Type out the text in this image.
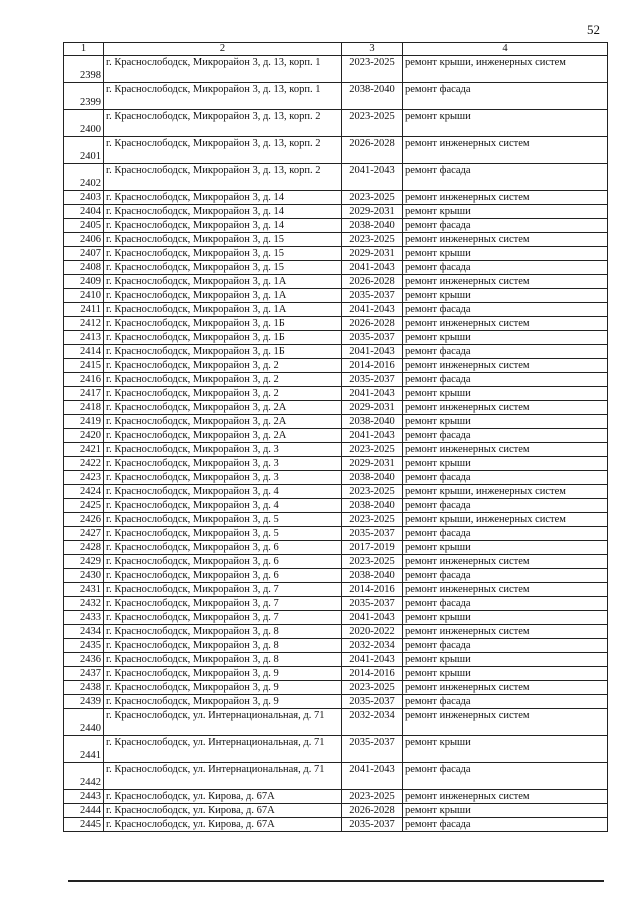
52
1	2	3	4
2398	г. Краснослободск, Микрорайон 3, д. 13, корп. 1	2023-2025	ремонт крыши, инженерных систем
2399	г. Краснослободск, Микрорайон 3, д. 13, корп. 1	2038-2040	ремонт фасада
2400	г. Краснослободск, Микрорайон 3, д. 13, корп. 2	2023-2025	ремонт крыши
2401	г. Краснослободск, Микрорайон 3, д. 13, корп. 2	2026-2028	ремонт инженерных систем
2402	г. Краснослободск, Микрорайон 3, д. 13, корп. 2	2041-2043	ремонт фасада
2403	г. Краснослободск, Микрорайон 3, д. 14	2023-2025	ремонт инженерных систем
2404	г. Краснослободск, Микрорайон 3, д. 14	2029-2031	ремонт крыши
2405	г. Краснослободск, Микрорайон 3, д. 14	2038-2040	ремонт фасада
2406	г. Краснослободск, Микрорайон 3, д. 15	2023-2025	ремонт инженерных систем
2407	г. Краснослободск, Микрорайон 3, д. 15	2029-2031	ремонт крыши
2408	г. Краснослободск, Микрорайон 3, д. 15	2041-2043	ремонт фасада
2409	г. Краснослободск, Микрорайон 3, д. 1А	2026-2028	ремонт инженерных систем
2410	г. Краснослободск, Микрорайон 3, д. 1А	2035-2037	ремонт крыши
2411	г. Краснослободск, Микрорайон 3, д. 1А	2041-2043	ремонт фасада
2412	г. Краснослободск, Микрорайон 3, д. 1Б	2026-2028	ремонт инженерных систем
2413	г. Краснослободск, Микрорайон 3, д. 1Б	2035-2037	ремонт крыши
2414	г. Краснослободск, Микрорайон 3, д. 1Б	2041-2043	ремонт фасада
2415	г. Краснослободск, Микрорайон 3, д. 2	2014-2016	ремонт инженерных систем
2416	г. Краснослободск, Микрорайон 3, д. 2	2035-2037	ремонт фасада
2417	г. Краснослободск, Микрорайон 3, д. 2	2041-2043	ремонт крыши
2418	г. Краснослободск, Микрорайон 3, д. 2А	2029-2031	ремонт инженерных систем
2419	г. Краснослободск, Микрорайон 3, д. 2А	2038-2040	ремонт крыши
2420	г. Краснослободск, Микрорайон 3, д. 2А	2041-2043	ремонт фасада
2421	г. Краснослободск, Микрорайон 3, д. 3	2023-2025	ремонт инженерных систем
2422	г. Краснослободск, Микрорайон 3, д. 3	2029-2031	ремонт крыши
2423	г. Краснослободск, Микрорайон 3, д. 3	2038-2040	ремонт фасада
2424	г. Краснослободск, Микрорайон 3, д. 4	2023-2025	ремонт крыши, инженерных систем
2425	г. Краснослободск, Микрорайон 3, д. 4	2038-2040	ремонт фасада
2426	г. Краснослободск, Микрорайон 3, д. 5	2023-2025	ремонт крыши, инженерных систем
2427	г. Краснослободск, Микрорайон 3, д. 5	2035-2037	ремонт фасада
2428	г. Краснослободск, Микрорайон 3, д. 6	2017-2019	ремонт крыши
2429	г. Краснослободск, Микрорайон 3, д. 6	2023-2025	ремонт инженерных систем
2430	г. Краснослободск, Микрорайон 3, д. 6	2038-2040	ремонт фасада
2431	г. Краснослободск, Микрорайон 3, д. 7	2014-2016	ремонт инженерных систем
2432	г. Краснослободск, Микрорайон 3, д. 7	2035-2037	ремонт фасада
2433	г. Краснослободск, Микрорайон 3, д. 7	2041-2043	ремонт крыши
2434	г. Краснослободск, Микрорайон 3, д. 8	2020-2022	ремонт инженерных систем
2435	г. Краснослободск, Микрорайон 3, д. 8	2032-2034	ремонт фасада
2436	г. Краснослободск, Микрорайон 3, д. 8	2041-2043	ремонт крыши
2437	г. Краснослободск, Микрорайон 3, д. 9	2014-2016	ремонт крыши
2438	г. Краснослободск, Микрорайон 3, д. 9	2023-2025	ремонт инженерных систем
2439	г. Краснослободск, Микрорайон 3, д. 9	2035-2037	ремонт фасада
2440	г. Краснослободск, ул. Интернациональная, д. 71	2032-2034	ремонт инженерных систем
2441	г. Краснослободск, ул. Интернациональная, д. 71	2035-2037	ремонт крыши
2442	г. Краснослободск, ул. Интернациональная, д. 71	2041-2043	ремонт фасада
2443	г. Краснослободск, ул. Кирова, д. 67А	2023-2025	ремонт инженерных систем
2444	г. Краснослободск, ул. Кирова, д. 67А	2026-2028	ремонт крыши
2445	г. Краснослободск, ул. Кирова, д. 67А	2035-2037	ремонт фасада
